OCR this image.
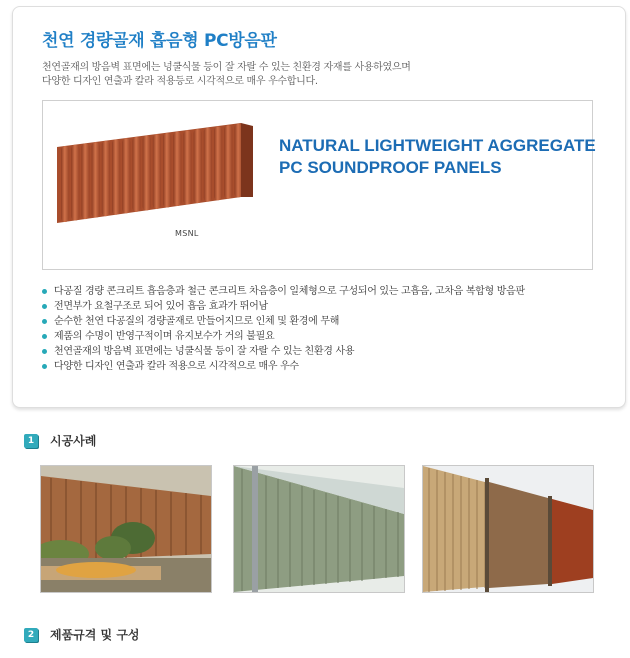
천연 경량골재 흡음형 PC방음판
천연골재의 방음벽 표면에는 넝쿨식물 등이 잘 자랄 수 있는 친환경 자재를 사용하였으며
다양한 디자인 연출과 칼라 적용등로 시각적으로 매우 우수합니다.
NATURAL LIGHTWEIGHT AGGREGATE
PC SOUNDPROOF PANELS
MSNL
다공질 경량 콘크리트 흡음층과 철근 콘크리트 차음층이 일체형으로 구성되어 있는 고흡음, 고차음 복합형 방음판
전면부가 요철구조로 되어 있어 흡음 효과가 뛰어남
순수한 천연 다공질의 경량골재로 만들어지므로 인체 및 환경에 무해
제품의 수명이 반영구적이며 유지보수가 거의 불필요
천연골재의 방음벽 표면에는 넝쿨식물 등이 잘 자랄 수 있는 친환경 사용
다양한 디자인 연출과 칼라 적용으로 시각적으로 매우 우수
1	시공사례
2	제품규격 및 구성
